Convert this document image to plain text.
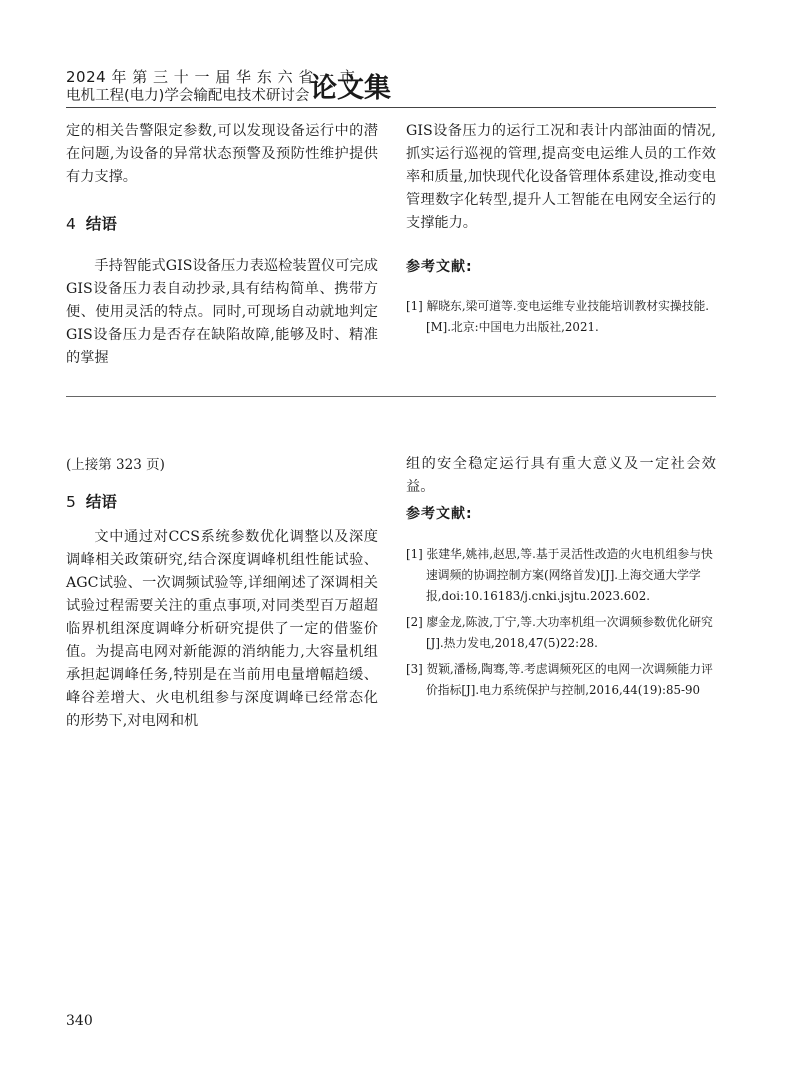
2024 年 第 三 十 一 届 华 东 六 省 一 市
电机工程(电力)学会输配电技术研讨会 论文集

定的相关告警限定参数,可以发现设备运行中的潜在问题,为设备的异常状态预警及预防性维护提供有力支撑。

4 结语

手持智能式GIS设备压力表巡检装置仪可完成GIS设备压力表自动抄录,具有结构简单、携带方便、使用灵活的特点。同时,可现场自动就地判定GIS设备压力是否存在缺陷故障,能够及时、精准的掌握

GIS设备压力的运行工况和表计内部油面的情况,抓实运行巡视的管理,提高变电运维人员的工作效率和质量,加快现代化设备管理体系建设,推动变电管理数字化转型,提升人工智能在电网安全运行的支撑能力。

参考文献:

[1] 解晓东,梁可道等.变电运维专业技能培训教材实操技能.[M].北京:中国电力出版社,2021.

(上接第 323 页)
5 结语

文中通过对CCS系统参数优化调整以及深度调峰相关政策研究,结合深度调峰机组性能试验、AGC试验、一次调频试验等,详细阐述了深调相关试验过程需要关注的重点事项,对同类型百万超超临界机组深度调峰分析研究提供了一定的借鉴价值。为提高电网对新能源的消纳能力,大容量机组承担起调峰任务,特别是在当前用电量增幅趋缓、峰谷差增大、火电机组参与深度调峰已经常态化的形势下,对电网和机

组的安全稳定运行具有重大意义及一定社会效益。

参考文献:

[1] 张建华,姚祎,赵思,等.基于灵活性改造的火电机组参与快速调频的协调控制方案(网络首发)[J].上海交通大学学报,doi:10.16183/j.cnki.jsjtu.2023.602.

[2] 廖金龙,陈波,丁宁,等.大功率机组一次调频参数优化研究[J].热力发电,2018,47(5)22:28.

[3] 贺颖,潘杨,陶骞,等.考虑调频死区的电网一次调频能力评价指标[J].电力系统保护与控制,2016,44(19):85-90

340
